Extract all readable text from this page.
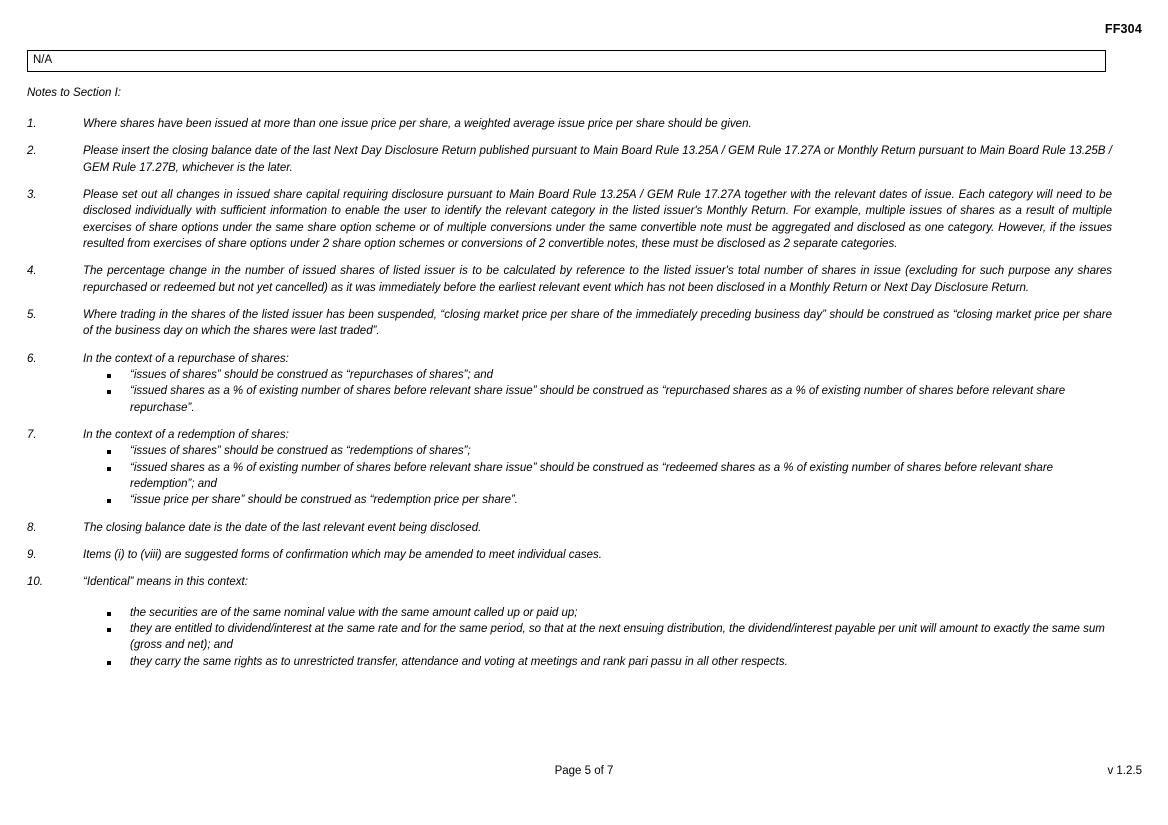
FF304
N/A
Notes to Section I:
1.	Where shares have been issued at more than one issue price per share, a weighted average issue price per share should be given.

2.	Please insert the closing balance date of the last Next Day Disclosure Return published pursuant to Main Board Rule 13.25A / GEM Rule 17.27A or Monthly Return pursuant to Main Board Rule 13.25B / GEM Rule 17.27B, whichever is the later.

3.	Please set out all changes in issued share capital requiring disclosure pursuant to Main Board Rule 13.25A / GEM Rule 17.27A together with the relevant dates of issue. Each category will need to be disclosed individually with sufficient information to enable the user to identify the relevant category in the listed issuer's Monthly Return. For example, multiple issues of shares as a result of multiple exercises of share options under the same share option scheme or of multiple conversions under the same convertible note must be aggregated and disclosed as one category. However, if the issues resulted from exercises of share options under 2 share option schemes or conversions of 2 convertible notes, these must be disclosed as 2 separate categories.

4.	The percentage change in the number of issued shares of listed issuer is to be calculated by reference to the listed issuer's total number of shares in issue (excluding for such purpose any shares repurchased or redeemed but not yet cancelled) as it was immediately before the earliest relevant event which has not been disclosed in a Monthly Return or Next Day Disclosure Return.

5.	Where trading in the shares of the listed issuer has been suspended, “closing market price per share of the immediately preceding business day” should be construed as “closing market price per share of the business day on which the shares were last traded”.

6.	In the context of a repurchase of shares:

“issues of shares” should be construed as “repurchases of shares”; and
“issued shares as a % of existing number of shares before relevant share issue” should be construed as “repurchased shares as a % of existing number of shares before relevant share repurchase”.
7.	In the context of a redemption of shares:

“issues of shares” should be construed as “redemptions of shares”;
“issued shares as a % of existing number of shares before relevant share issue” should be construed as “redeemed shares as a % of existing number of shares before relevant share redemption”; and
“issue price per share” should be construed as “redemption price per share”.
8.	The closing balance date is the date of the last relevant event being disclosed.

9.	Items (i) to (viii) are suggested forms of confirmation which may be amended to meet individual cases.

10.	“Identical” means in this context:

the securities are of the same nominal value with the same amount called up or paid up;
they are entitled to dividend/interest at the same rate and for the same period, so that at the next ensuing distribution, the dividend/interest payable per unit will amount to exactly the same sum (gross and net); and
they carry the same rights as to unrestricted transfer, attendance and voting at meetings and rank pari passu in all other respects.
Page 5 of 7	v 1.2.5
